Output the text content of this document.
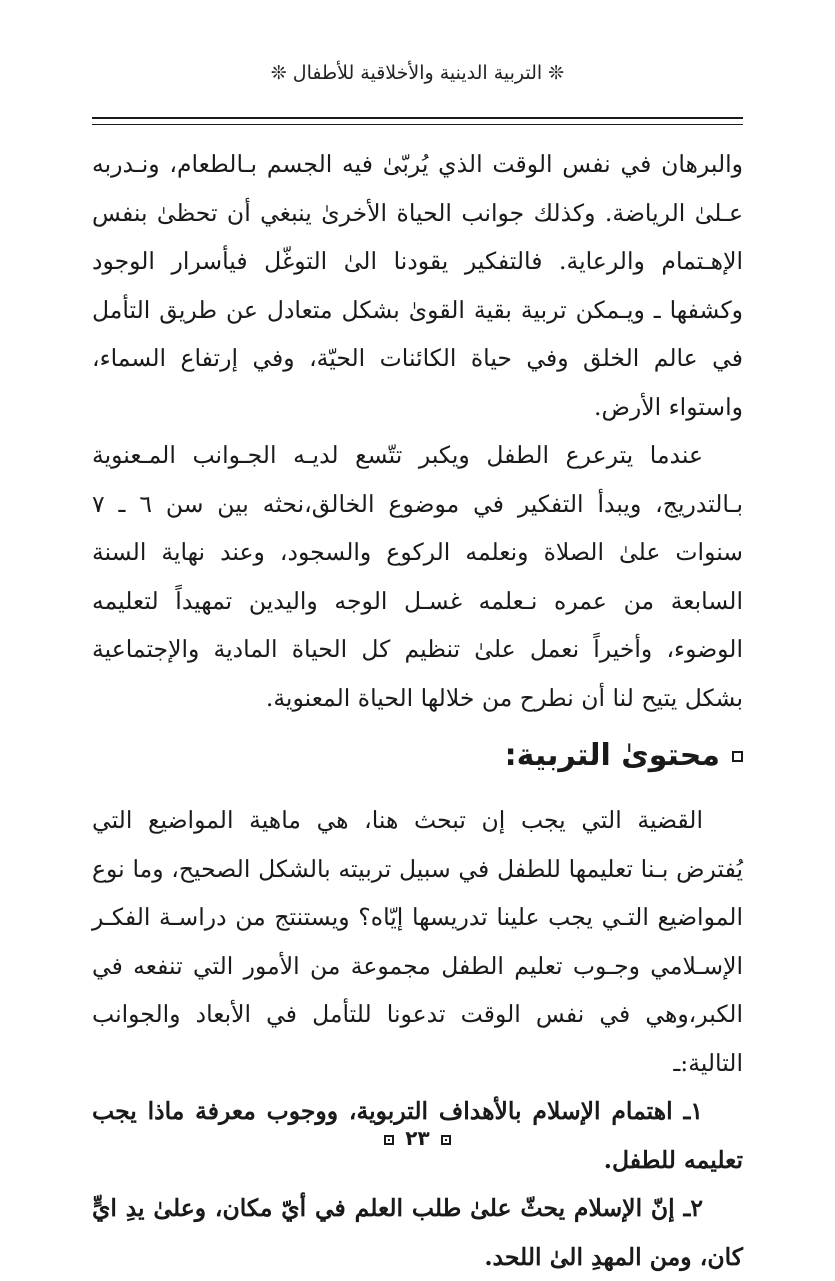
❊ التربية الدينية والأخلاقية للأطفال ❊

والبرهان في نفس الوقت الذي يُربّىٰ فيه الجسم بـالطعام، ونـدربه عـلىٰ الرياضة. وكذلك جوانب الحياة الأخرىٰ ينبغي أن تحظىٰ بنفس الإهـتمام والرعاية. فالتفكير يقودنا الىٰ التوغّل فيأسرار الوجود وكشفها ـ ويـمكن تربية بقية القوىٰ بشكل متعادل عن طريق التأمل في عالم الخلق وفي حياة الكائنات الحيّة، وفي إرتفاع السماء، واستواء الأرض.

عندما يترعرع الطفل ويكبر تتّسع لديـه الجـوانب المـعنوية بـالتدريج، ويبدأ التفكير في موضوع الخالق،نحثه بين سن ٦ ـ ٧ سنوات علىٰ الصلاة ونعلمه الركوع والسجود، وعند نهاية السنة السابعة من عمره نـعلمه غسـل الوجه واليدين تمهيداً لتعليمه الوضوء، وأخيراً نعمل علىٰ تنظيم كل الحياة المادية والإجتماعية بشكل يتيح لنا أن نطرح من خلالها الحياة المعنوية.

محتوىٰ التربية:

القضية التي يجب إن تبحث هنا، هي ماهية المواضيع التي يُفترض بـنا تعليمها للطفل في سبيل تربيته بالشكل الصحيح، وما نوع المواضيع التـي يجب علينا تدريسها إيّاه؟ ويستنتج من دراسـة الفكـر الإسـلامي وجـوب تعليم الطفل مجموعة من الأمور التي تنفعه في الكبر،وهي في نفس الوقت تدعونا للتأمل في الأبعاد والجوانب التالية:ـ

١ـ اهتمام الإسلام بالأهداف التربوية، ووجوب معرفة ماذا يجب تعليمه للطفل.

٢ـ إنّ الإسلام يحثّ علىٰ طلب العلم في أيّ مكان، وعلىٰ يدِ ايٍّ كان، ومن المهدِ الىٰ اللحد.

٢٣
